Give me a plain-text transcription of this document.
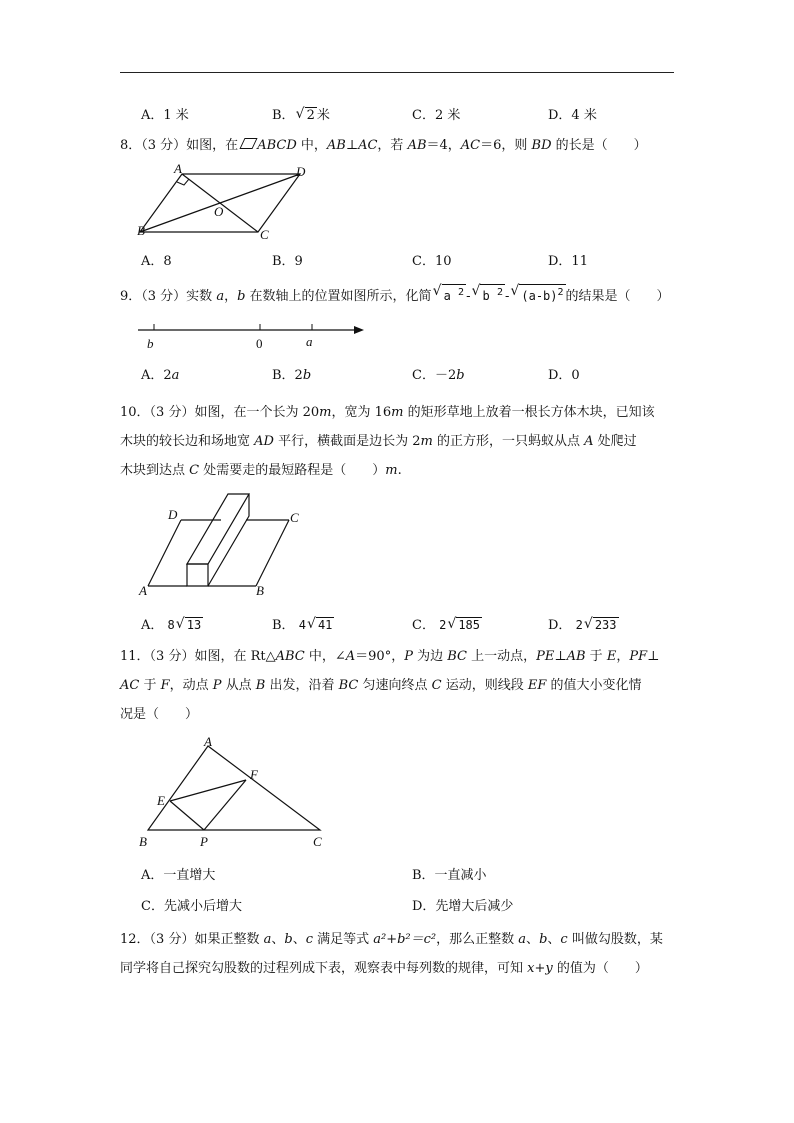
A．1 米	B． √ 2 米	C．2 米	D．4 米
8．（3 分）如图，在 ABCD 中，AB⊥AC，若 AB＝4，AC＝6，则 BD 的长是（　　）
A	D
O
B	C
A．8	B．9	C．10	D．11
9．（3 分）实数 a，b 在数轴上的位置如图所示，化简 √ a $^2$ - √ b $^2$ - √ $(a-b)^2$ 的结果是（　　）
b	0	a
A．2a	B．2b	C．－2b	D．0
10．（3 分）如图，在一个长为 20m，宽为 16m 的矩形草地上放着一根长方体木块，已知该
木块的较长边和场地宽 AD 平行，横截面是边长为 2m 的正方形，一只蚂蚁从点 A 处爬过
木块到达点 C 处需要走的最短路程是（　　）m.
D	C
A	B
A． 8 √ 13	B． 4 √ 41	C． 2 √ 185	D． 2 √ 233
11．（3 分）如图，在 Rt△ABC 中，∠A＝90°，P 为边 BC 上一动点，PE⊥AB 于 E，PF⊥
AC 于 F，动点 P 从点 B 出发，沿着 BC 匀速向终点 C 运动，则线段 EF 的值大小变化情
况是（　　）
A
F
E
B	P	C
A．一直增大	B．一直减小
C．先减小后增大	D．先增大后减少
12．（3 分）如果正整数 a、b、c 满足等式 a²+b²＝c²，那么正整数 a、b、c 叫做勾股数，某
同学将自己探究勾股数的过程列成下表，观察表中每列数的规律，可知 x+y 的值为（　　）
